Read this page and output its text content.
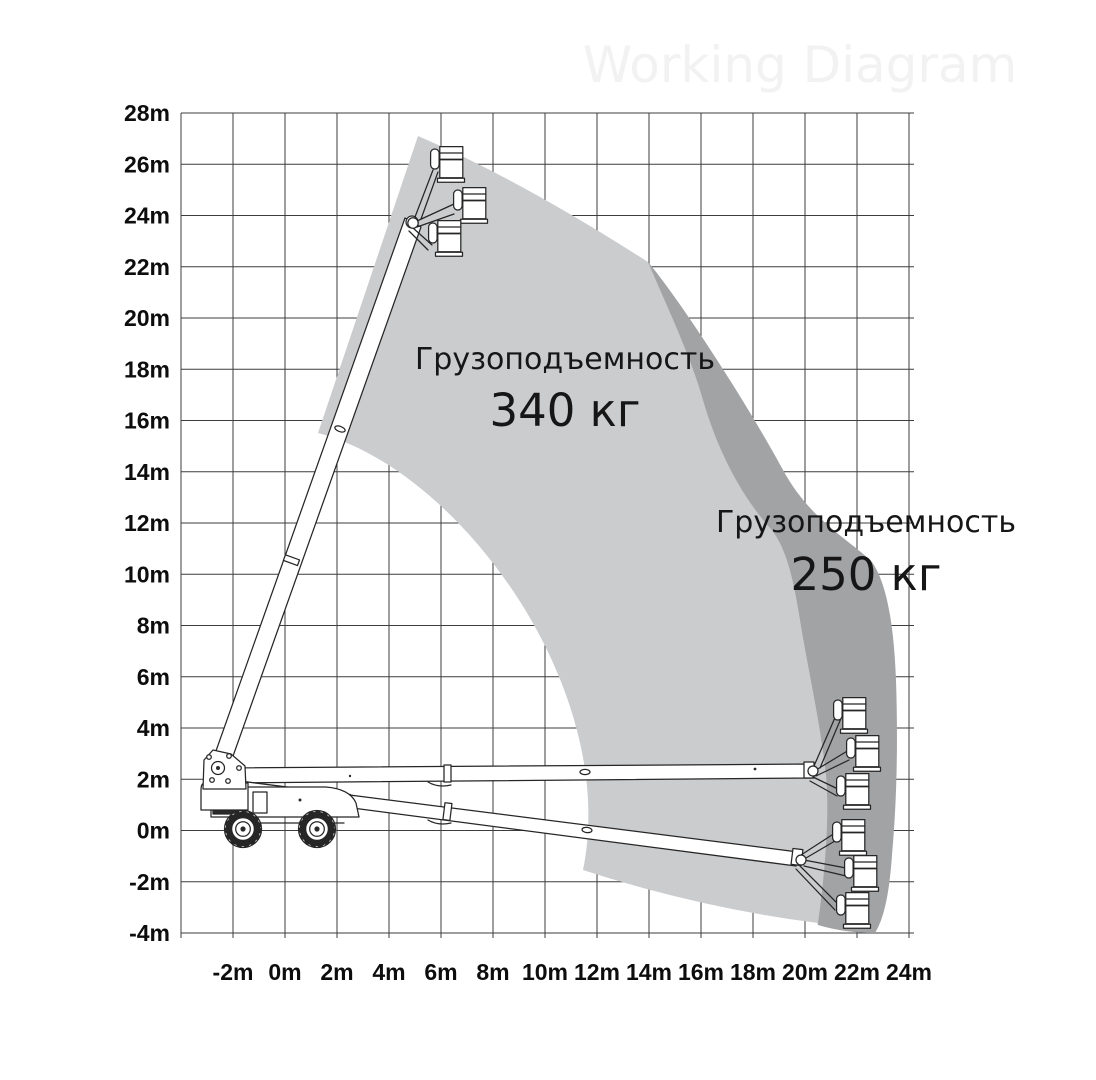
Working Diagram
-2m 0m 2m 4m 6m 8m 10m 12m 14m 16m 18m 20m 22m 24m
28m
26m
24m
22m
20m
18m
16m
14m
12m
10m
8m
6m
4m
2m
0m
-2m
-4m
Грузоподъемность
340 кг
Грузоподъемность
250 кг
